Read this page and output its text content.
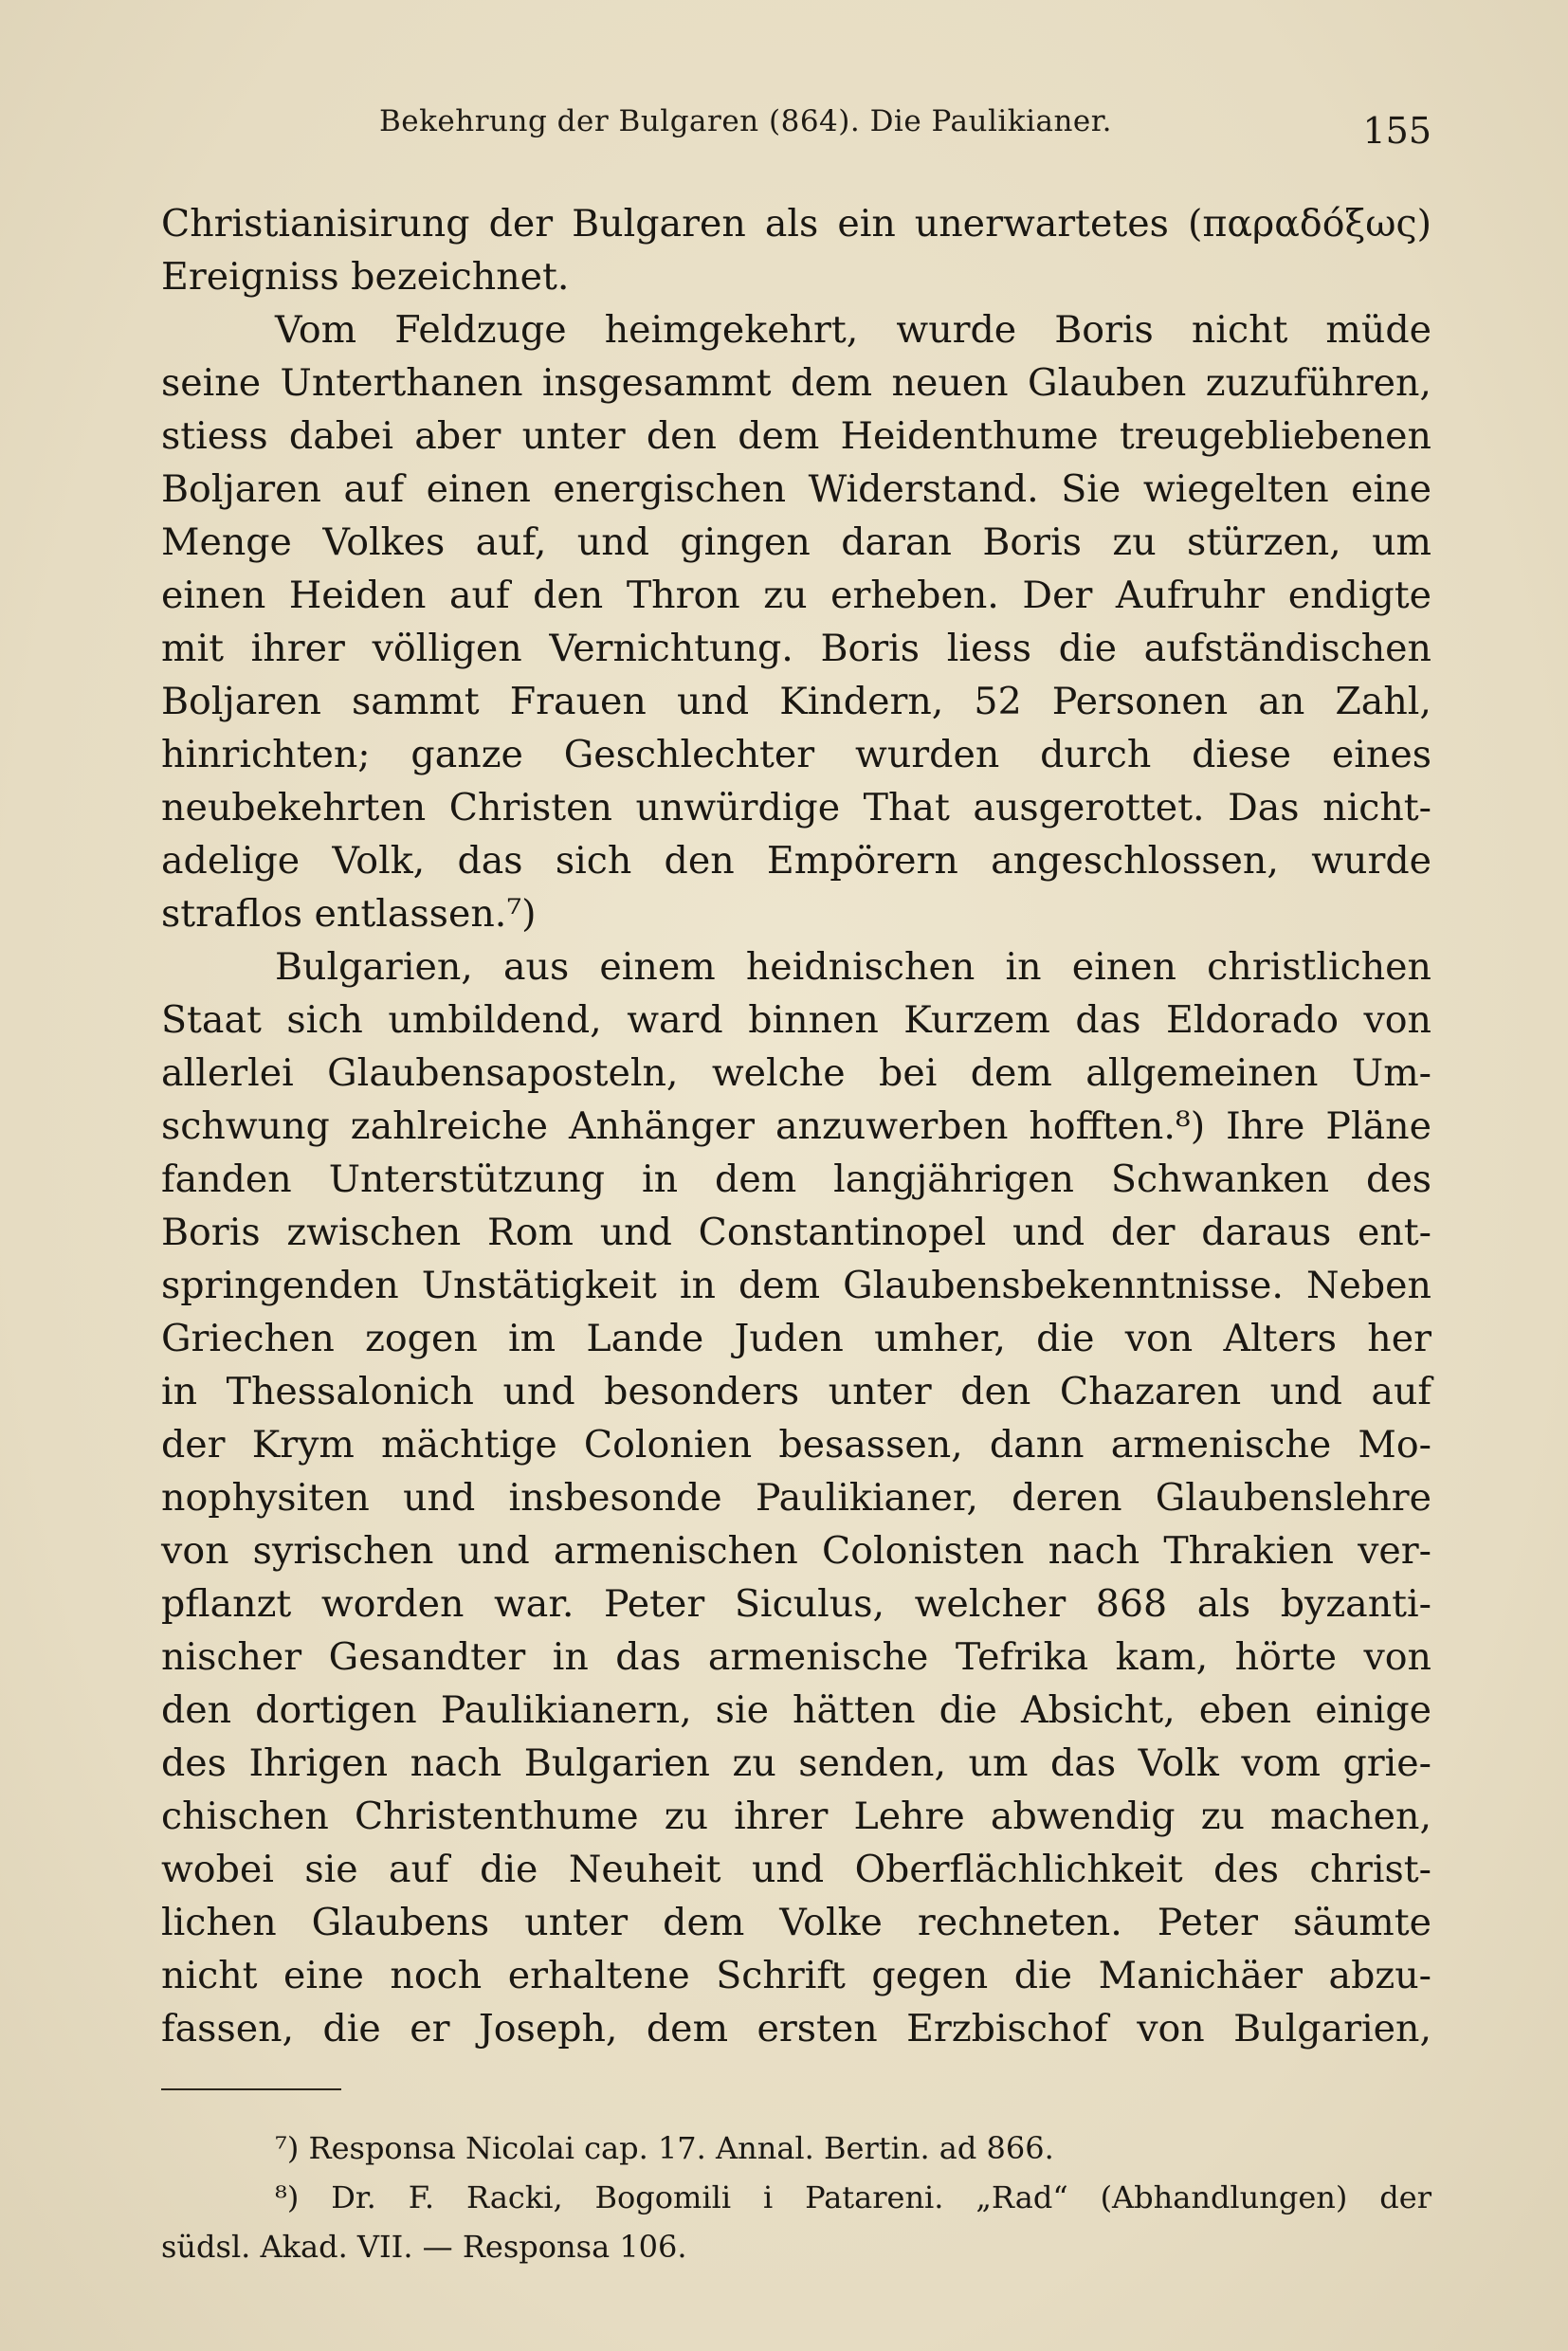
Bekehrung der Bulgaren (864). Die Paulikianer.	155
Christianisirung der Bulgaren als ein unerwartetes (παραδόξως)
Ereigniss bezeichnet.
Vom Feldzuge heimgekehrt, wurde Boris nicht müde
seine Unterthanen insgesammt dem neuen Glauben zuzuführen,
stiess dabei aber unter den dem Heidenthume treugebliebenen
Boljaren auf einen energischen Widerstand. Sie wiegelten eine
Menge Volkes auf, und gingen daran Boris zu stürzen, um
einen Heiden auf den Thron zu erheben. Der Aufruhr endigte
mit ihrer völligen Vernichtung. Boris liess die aufständischen
Boljaren sammt Frauen und Kindern, 52 Personen an Zahl,
hinrichten; ganze Geschlechter wurden durch diese eines
neubekehrten Christen unwürdige That ausgerottet. Das nicht-
adelige Volk, das sich den Empörern angeschlossen, wurde
straflos entlassen.⁷)
Bulgarien, aus einem heidnischen in einen christlichen
Staat sich umbildend, ward binnen Kurzem das Eldorado von
allerlei Glaubensaposteln, welche bei dem allgemeinen Um-
schwung zahlreiche Anhänger anzuwerben hofften.⁸) Ihre Pläne
fanden Unterstützung in dem langjährigen Schwanken des
Boris zwischen Rom und Constantinopel und der daraus ent-
springenden Unstätigkeit in dem Glaubensbekenntnisse. Neben
Griechen zogen im Lande Juden umher, die von Alters her
in Thessalonich und besonders unter den Chazaren und auf
der Krym mächtige Colonien besassen, dann armenische Mo-
nophysiten und insbesonde Paulikianer, deren Glaubenslehre
von syrischen und armenischen Colonisten nach Thrakien ver-
pflanzt worden war. Peter Siculus, welcher 868 als byzanti-
nischer Gesandter in das armenische Tefrika kam, hörte von
den dortigen Paulikianern, sie hätten die Absicht, eben einige
des Ihrigen nach Bulgarien zu senden, um das Volk vom grie-
chischen Christenthume zu ihrer Lehre abwendig zu machen,
wobei sie auf die Neuheit und Oberflächlichkeit des christ-
lichen Glaubens unter dem Volke rechneten. Peter säumte
nicht eine noch erhaltene Schrift gegen die Manichäer abzu-
fassen, die er Joseph, dem ersten Erzbischof von Bulgarien,
⁷) Responsa Nicolai cap. 17. Annal. Bertin. ad 866.
⁸) Dr. F. Racki, Bogomili i Patareni. „Rad“ (Abhandlungen) der
südsl. Akad. VII. — Responsa 106.
